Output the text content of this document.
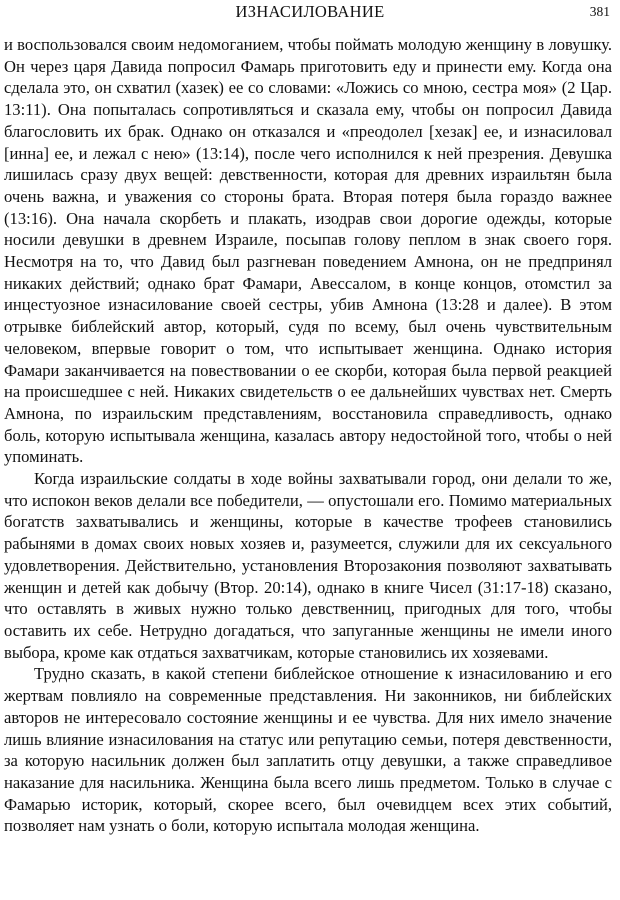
ИЗНАСИЛОВАНИЕ	381

и воспользовался своим недомоганием, чтобы поймать молодую женщину в ловушку. Он через царя Давида попросил Фамарь приготовить еду и принести ему. Когда она сделала это, он схватил (хазек) ее со словами: «Ложись со мною, сестра моя» (2 Цар. 13:11). Она попыталась сопротивляться и сказала ему, чтобы он попросил Давида благословить их брак. Однако он отказался и «преодолел [хезак] ее, и изнасиловал [инна] ее, и лежал с нею» (13:14), после чего исполнился к ней презрения. Девушка лишилась сразу двух вещей: девственности, которая для древних израильтян была очень важна, и уважения со стороны брата. Вторая потеря была гораздо важнее (13:16). Она начала скорбеть и плакать, изодрав свои дорогие одежды, которые носили девушки в древнем Израиле, посыпав голову пеплом в знак своего горя. Несмотря на то, что Давид был разгневан поведением Амнона, он не предпринял никаких действий; однако брат Фамари, Авессалом, в конце концов, отомстил за инцестуозное изнасилование своей сестры, убив Амнона (13:28 и далее). В этом отрывке библейский автор, который, судя по всему, был очень чувствительным человеком, впервые говорит о том, что испытывает женщина. Однако история Фамари заканчивается на повествовании о ее скорби, которая была первой реакцией на происшедшее с ней. Никаких свидетельств о ее дальнейших чувствах нет. Смерть Амнона, по израильским представлениям, восстановила справедливость, однако боль, которую испытывала женщина, казалась автору недостойной того, чтобы о ней упоминать.

Когда израильские солдаты в ходе войны захватывали город, они делали то же, что испокон веков делали все победители, — опустошали его. Помимо материальных богатств захватывались и женщины, которые в качестве трофеев становились рабынями в домах своих новых хозяев и, разумеется, служили для их сексуального удовлетворения. Действительно, установления Второзакония позволяют захватывать женщин и детей как добычу (Втор. 20:14), однако в книге Чисел (31:17-18) сказано, что оставлять в живых нужно только девственниц, пригодных для того, чтобы оставить их себе. Нетрудно догадаться, что запуганные женщины не имели иного выбора, кроме как отдаться захватчикам, которые становились их хозяевами.

Трудно сказать, в какой степени библейское отношение к изнасилованию и его жертвам повлияло на современные представления. Ни законников, ни библейских авторов не интересовало состояние женщины и ее чувства. Для них имело значение лишь влияние изнасилования на статус или репутацию семьи, потеря девственности, за которую насильник должен был заплатить отцу девушки, а также справедливое наказание для насильника. Женщина была всего лишь предметом. Только в случае с Фамарью историк, который, скорее всего, был очевидцем всех этих событий, позволяет нам узнать о боли, которую испытала молодая женщина.
